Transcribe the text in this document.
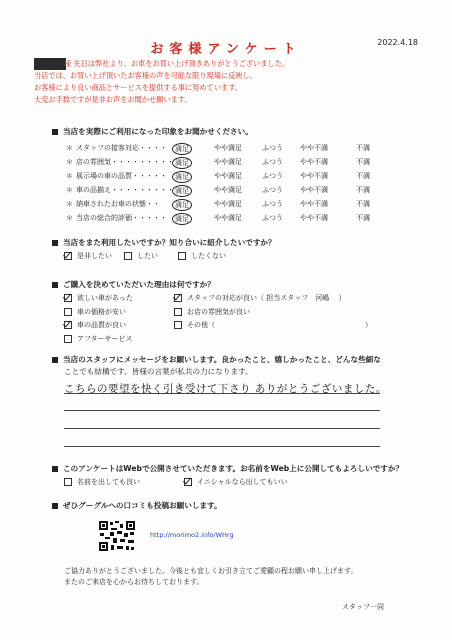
2022.4.18
お客様アンケート
様 先日は弊社より、お車をお買い上げ頂きありがとうございました。
当店では、お買い上げ頂いたお客様の声を可能な限り現場に反映し、
お客様により良い商品とサービスを提供する事に努めています。
大変お手数ですが是非お声をお聞かせ願います。
当店を実際にご利用になった印象をお聞かせください。
＊ スタッフの接客対応・・・・	満足	やや満足	ふつう やや不満	不満
＊ 店の雰囲気・・・・・・・・・ 満足	やや満足	ふつう やや不満	不満
＊ 展示場の車の品質・・・・・	満足	やや満足	ふつう やや不満	不満
＊ 車の品揃え・・・・・・・・・ 満足	やや満足	ふつう やや不満	不満
＊ 納車されたお車の状態・・	満足	やや満足	ふつう やや不満	不満
＊ 当店の総合的評価・・・・・	満足	やや満足	ふつう やや不満	不満
当店をまた利用したいですか？知り合いに紹介したいですか？
是非したい	したい	したくない
ご購入を決めていただいた理由は何ですか？
欲しい車があった
車の価格が安い
車の品質が良い
アフターサービス
スタッフの対応が良い（ 担当スタッフ　河嶋　 ）
お店の雰囲気が良い
その他（	）
当店のスタッフにメッセージをお願いします。良かったこと、嬉しかったこと、どんな些細な
ことでも結構です。皆様の言葉が私共の力になります。
こちらの要望を快く引き受けて下さり ありがとうございました。
このアンケートはWebで公開させていただきます。お名前をWeb上に公開してもよろしいですか？
名前を出しても良い	イニシャルなら出してもいい
ぜひグーグルへの口コミも投稿お願いします。
http://morimo2.info/WHrg
ご協力ありがとうございました。今後とも宜しくお引き立てご愛顧の程お願い申し上げます。
またのご来店を心からお待ちしております。
スタッフ一同
